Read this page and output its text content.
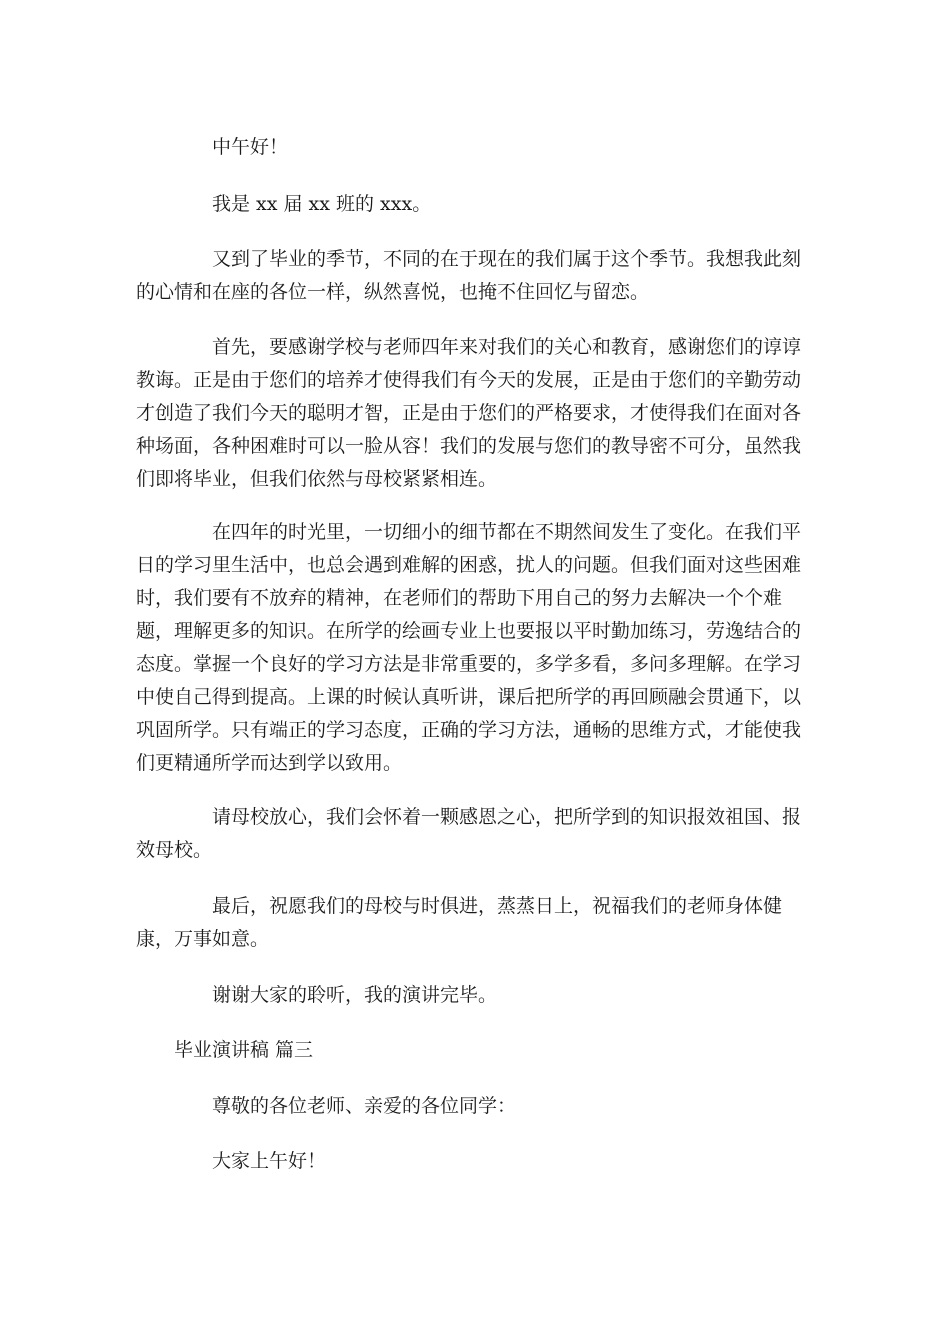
中午好！

我是 xx 届 xx 班的 xxx。

又到了毕业的季节，不同的在于现在的我们属于这个季节。我想我此刻的心情和在座的各位一样，纵然喜悦，也掩不住回忆与留恋。

首先，要感谢学校与老师四年来对我们的关心和教育，感谢您们的谆谆教诲。正是由于您们的培养才使得我们有今天的发展，正是由于您们的辛勤劳动才创造了我们今天的聪明才智，正是由于您们的严格要求，才使得我们在面对各种场面，各种困难时可以一脸从容！我们的发展与您们的教导密不可分，虽然我们即将毕业，但我们依然与母校紧紧相连。

在四年的时光里，一切细小的细节都在不期然间发生了变化。在我们平日的学习里生活中，也总会遇到难解的困惑，扰人的问题。但我们面对这些困难时，我们要有不放弃的精神，在老师们的帮助下用自己的努力去解决一个个难题，理解更多的知识。在所学的绘画专业上也要报以平时勤加练习，劳逸结合的态度。掌握一个良好的学习方法是非常重要的，多学多看，多问多理解。在学习中使自己得到提高。上课的时候认真听讲，课后把所学的再回顾融会贯通下，以巩固所学。只有端正的学习态度，正确的学习方法，通畅的思维方式，才能使我们更精通所学而达到学以致用。

请母校放心，我们会怀着一颗感恩之心，把所学到的知识报效祖国、报效母校。

最后，祝愿我们的母校与时俱进，蒸蒸日上，祝福我们的老师身体健康，万事如意。

谢谢大家的聆听，我的演讲完毕。

毕业演讲稿 篇三

尊敬的各位老师、亲爱的各位同学：

大家上午好！
